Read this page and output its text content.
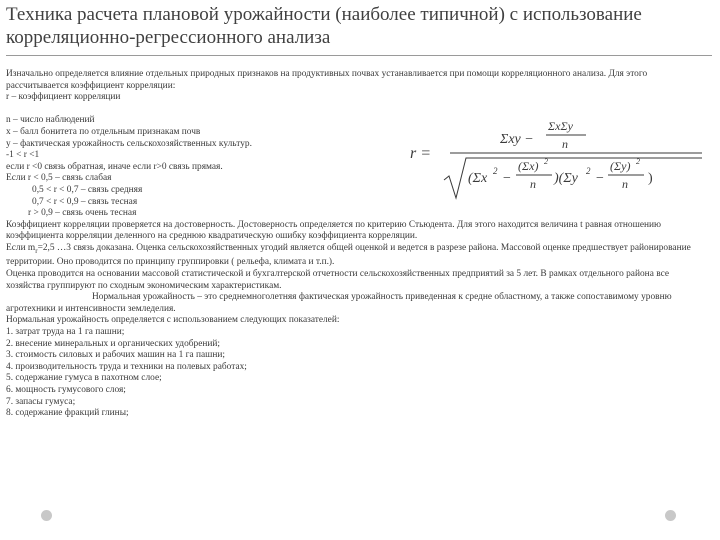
Техника расчета плановой урожайности (наиболее типичной) с использование корреляционно-регрессионного анализа

Изначально определяется влияние отдельных природных признаков на продуктивных почвах устанавливается при помощи корреляционного анализа. Для этого рассчитывается коэффициент корреляции:

r – коэффициент корреляции

n – число наблюдений

x – балл бонитета по отдельным признакам почв

y – фактическая урожайность сельскохозяйственных культур.

-1 < r <1

если r <0 связь обратная, иначе если r>0 связь прямая.

Если r < 0,5 – связь слабая

0,5 < r < 0,7 – связь средняя

0,7 < r < 0,9 – связь тесная

r > 0,9 – связь очень тесная

Коэффициент корреляции проверяется на достоверность. Достоверность определяется по критерию Стьюдента. Для этого находится величина t равная отношению коэффициента корреляции деленного на среднюю квадратическую ошибку коэффициента корреляции.

Если $m_r=2,5$ …3 связь доказана. Оценка сельскохозяйственных угодий является общей оценкой и ведется в разрезе района. Массовой оценке предшествует районирование территории. Оно проводится по принципу группировки ( рельефа, климата и т.п.).

Оценка проводится на основании массовой статистической и бухгалтерской отчетности сельскохозяйственных предприятий за 5 лет. В рамках отдельного района все хозяйства группируют по сходным экономическим характеристикам.

Нормальная урожайность – это среднемноголетняя фактическая урожайность приведенная к средне областному, а также сопоставимому уровню агротехники и интенсивности земледелия.

Нормальная урожайность определяется с использованием следующих показателей:

1. затрат труда на 1 га пашни;

2. внесение минеральных и органических удобрений;

3. стоимость силовых и рабочих машин на 1 га пашни;

4. производительность труда и техники на полевых работах;

5. содержание гумуса в пахотном слое;

6. мощность гумусового слоя;

7. запасы гумуса;

8. содержание фракций глины;

r =
Σxy −
ΣxΣy
n
(Σx 2 −
(Σx) 2
n )(Σy 2 −
(Σy) 2
n )
